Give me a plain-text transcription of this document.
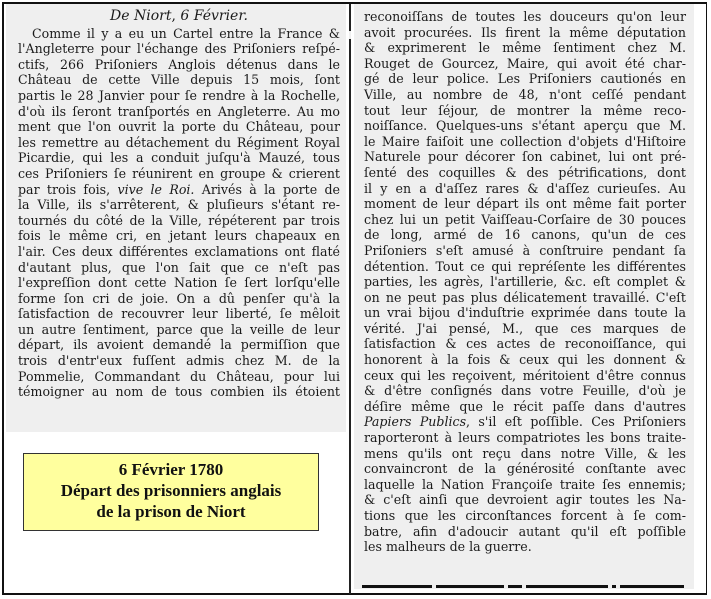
De Niort, 6 Février.
Comme il y a eu un Cartel entre la France &
l'Angleterre pour l'échange des Priſoniers reſpé-
ctifs, 266 Priſoniers Anglois détenus dans le
Château de cette Ville depuis 15 mois, ſont
partis le 28 Janvier pour ſe rendre à la Rochelle,
d'où ils ſeront tranſportés en Angleterre. Au mo
ment que l'on ouvrit la porte du Château, pour
les remettre au détachement du Régiment Royal
Picardie, qui les a conduit juſqu'à Mauzé, tous
ces Priſoniers ſe réunirent en groupe & crierent
par trois fois, vive le Roi. Arivés à la porte de
la Ville, ils s'arrêterent, & pluſieurs s'étant re-
tournés du côté de la Ville, répéterent par trois
fois le même cri, en jetant leurs chapeaux en
l'air. Ces deux différentes exclamations ont flaté
d'autant plus, que l'on ſait que ce n'eſt pas
l'expreſſion dont cette Nation ſe ſert lorſqu'elle
forme ſon cri de joie. On a dû penſer qu'à la
ſatisfaction de recouvrer leur liberté, ſe mêloit
un autre ſentiment, parce que la veille de leur
départ, ils avoient demandé la permiſſion que
trois d'entr'eux fuſſent admis chez M. de la
Pommelie, Commandant du Château, pour lui
témoigner au nom de tous combien ils étoient
reconoiſſans de toutes les douceurs qu'on leur
avoit procurées. Ils firent la même députation
& exprimerent le même ſentiment chez M.
Rouget de Gourcez, Maire, qui avoit été char-
gé de leur police. Les Priſoniers cautionés en
Ville, au nombre de 48, n'ont ceſſé pendant
tout leur ſéjour, de montrer la même reco-
noiſſance. Quelques-uns s'étant aperçu que M.
le Maire faiſoit une collection d'objets d'Hiſtoire
Naturele pour décorer ſon cabinet, lui ont pré-
ſenté des coquilles & des pétrifications, dont
il y en a d'aſſez rares & d'aſſez curieuſes. Au
moment de leur départ ils ont même fait porter
chez lui un petit Vaiſſeau-Corſaire de 30 pouces
de long, armé de 16 canons, qu'un de ces
Priſoniers s'eſt amusé à conſtruire pendant ſa
détention. Tout ce qui repréſente les différentes
parties, les agrès, l'artillerie, &c. eſt complet &
on ne peut pas plus délicatement travaillé. C'eſt
un vrai bijou d'induſtrie exprimée dans toute la
vérité. J'ai pensé, M., que ces marques de
ſatisfaction & ces actes de reconoiſſance, qui
honorent à la fois & ceux qui les donnent &
ceux qui les reçoivent, méritoient d'être connus
& d'être conſignés dans votre Feuille, d'où je
déſire même que le récit paſſe dans d'autres
Papiers Publics, s'il eſt poſſible. Ces Priſoniers
raporteront à leurs compatriotes les bons traite-
mens qu'ils ont reçu dans notre Ville, & les
convaincront de la générosité conſtante avec
laquelle la Nation Françoiſe traite ſes ennemis;
& c'eſt ainſi que devroient agir toutes les Na-
tions que les circonſtances forcent à ſe com-
batre, afin d'adoucir autant qu'il eſt poſſible
les malheurs de la guerre.
6 Février 1780
Départ des prisonniers anglais
de la prison de Niort
